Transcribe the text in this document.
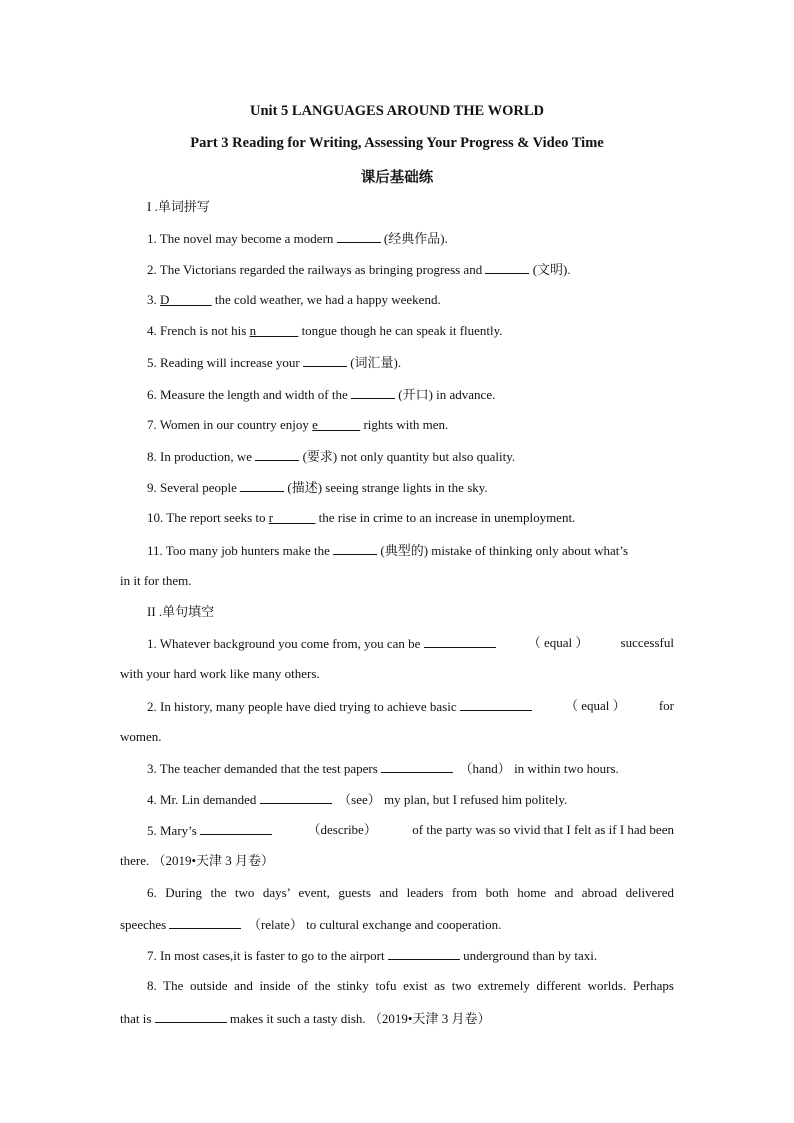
Unit 5 LANGUAGES AROUND THE WORLD
Part 3 Reading for Writing, Assessing Your Progress & Video Time
课后基础练
I .单词拼写
1. The novel may become a modern	(经典作品).
2. The Victorians regarded the railways as bringing progress and	(文明).
3. D	the cold weather, we had a happy weekend.
4. French is not his n	tongue though he can speak it fluently.
5. Reading will increase your	(词汇量).
6. Measure the length and width of the	(开口) in advance.
7. Women in our country enjoy e	rights with men.
8. In production, we	(要求) not only quantity but also quality.
9. Several people	(描述) seeing strange lights in the sky.
10. The report seeks to r	the rise in crime to an increase in unemployment.
11. Too many job hunters make the	(典型的) mistake of thinking only about what’s
in it for them.
II .单句填空
1. Whatever background you come from, you can be	（ equal ） successful
with your hard work like many others.
2. In history, many people have died trying to achieve basic	（ equal ）	for
women.
3. The teacher demanded that the test papers	（hand） in within two hours.
4. Mr. Lin demanded	（see） my plan, but I refused him politely.
5. Mary’s	（describe）	of the party was so vivid that I felt as if I had been
there. （2019•天津 3 月卷）
6. During the two days’ event, guests and leaders from both home and abroad delivered
speeches	（relate） to cultural exchange and cooperation.
7. In most cases,it is faster to go to the airport	underground than by taxi.
8. The outside and inside of the stinky tofu exist as two extremely different worlds. Perhaps
that is	makes it such a tasty dish. （2019•天津 3 月卷）
